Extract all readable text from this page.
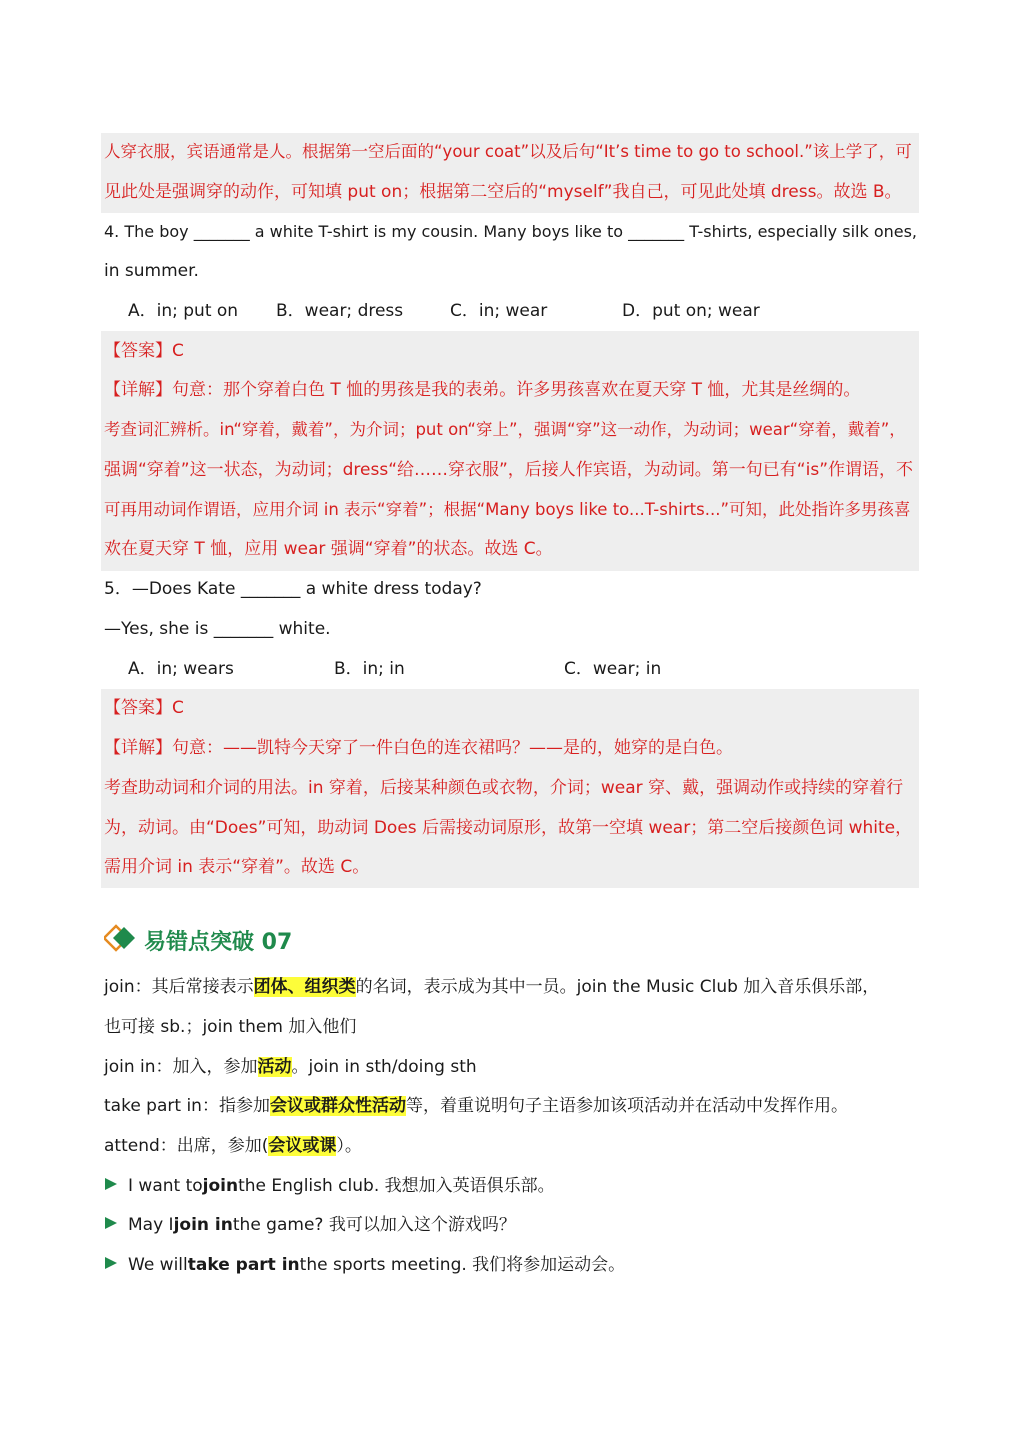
人穿衣服，宾语通常是人。根据第一空后面的“your coat”以及后句“It’s time to go to school.”该上学了，可
见此处是强调穿的动作，可知填 put on；根据第二空后的“myself”我自己，可见此处填 dress。故选 B。
4. The boy _______ a white T-shirt is my cousin. Many boys like to _______ T-shirts, especially silk ones,
in summer.
A．in; put on B．wear; dress	C．in; wear	D．put on; wear
【答案】C
【详解】句意：那个穿着白色 T 恤的男孩是我的表弟。许多男孩喜欢在夏天穿 T 恤，尤其是丝绸的。
考查词汇辨析。in“穿着，戴着”，为介词；put on“穿上”，强调“穿”这一动作，为动词；wear“穿着，戴着”，
强调“穿着”这一状态，为动词；dress“给……穿衣服”，后接人作宾语，为动词。第一句已有“is”作谓语，不
可再用动词作谓语，应用介词 in 表示“穿着”；根据“Many boys like to...T-shirts...”可知，此处指许多男孩喜
欢在夏天穿 T 恤，应用 wear 强调“穿着”的状态。故选 C。
5．—Does Kate _______ a white dress today?
—Yes, she is _______ white.
A．in; wears	B．in; in	C．wear; in
【答案】C
【详解】句意：——凯特今天穿了一件白色的连衣裙吗？——是的，她穿的是白色。
考查助动词和介词的用法。in 穿着，后接某种颜色或衣物，介词；wear 穿、戴，强调动作或持续的穿着行
为，动词。由“Does”可知，助动词 Does 后需接动词原形，故第一空填 wear；第二空后接颜色词 white，
需用介词 in 表示“穿着”。故选 C。
易错点突破 07
join：其后常接表示团体、组织类的名词，表示成为其中一员。join the Music Club 加入音乐俱乐部，
也可接 sb.；join them 加入他们
join in：加入，参加活动。join in sth/doing sth
take part in：指参加会议或群众性活动等，着重说明句子主语参加该项活动并在活动中发挥作用。
attend：出席，参加(会议或课）。
I want to join the English club. 我想加入英语俱乐部。
May I join in the game? 我可以加入这个游戏吗？
We will take part in the sports meeting. 我们将参加运动会。
